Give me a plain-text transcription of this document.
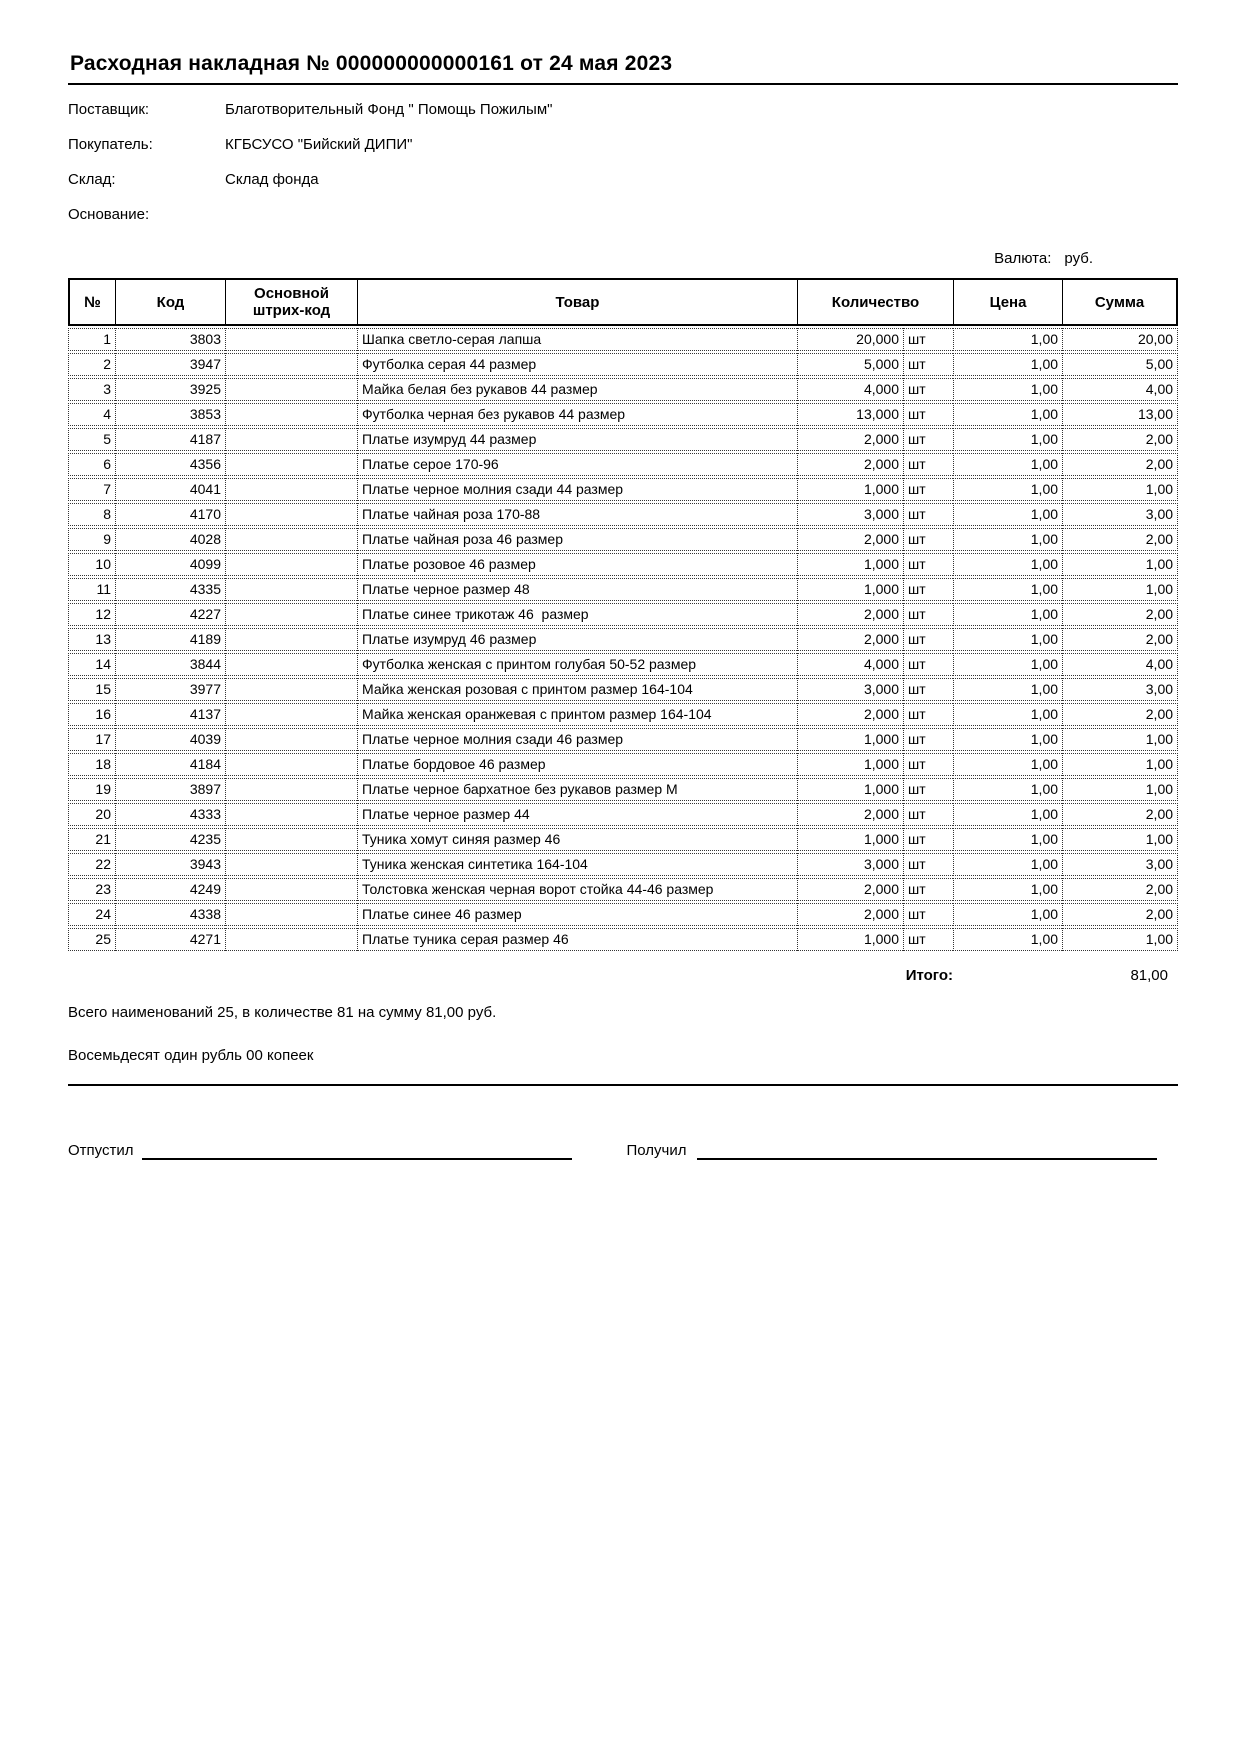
Расходная накладная № 000000000000161 от 24 мая 2023
Поставщик:	Благотворительный Фонд " Помощь Пожилым"
Покупатель:	КГБСУСО "Бийский ДИПИ"
Склад:	Склад фонда
Основание:
Валюта: руб.
№	Код	Основной штрих-код	Товар	Количество		Цена	Сумма
1	3803		Шапка светло-серая лапша	20,000	шт	1,00	20,00
2	3947		Футболка серая 44 размер	5,000	шт	1,00	5,00
3	3925		Майка белая без рукавов 44 размер	4,000	шт	1,00	4,00
4	3853		Футболка черная без рукавов 44 размер	13,000	шт	1,00	13,00
5	4187		Платье изумруд 44 размер	2,000	шт	1,00	2,00
6	4356		Платье серое 170-96	2,000	шт	1,00	2,00
7	4041		Платье черное молния сзади 44 размер	1,000	шт	1,00	1,00
8	4170		Платье чайная роза 170-88	3,000	шт	1,00	3,00
9	4028		Платье чайная роза 46 размер	2,000	шт	1,00	2,00
10	4099		Платье розовое 46 размер	1,000	шт	1,00	1,00
11	4335		Платье черное размер 48	1,000	шт	1,00	1,00
12	4227		Платье синее трикотаж 46  размер	2,000	шт	1,00	2,00
13	4189		Платье изумруд 46 размер	2,000	шт	1,00	2,00
14	3844		Футболка женская с принтом голубая 50-52 размер	4,000	шт	1,00	4,00
15	3977		Майка женская розовая с принтом размер 164-104	3,000	шт	1,00	3,00
16	4137		Майка женская оранжевая с принтом размер 164-104	2,000	шт	1,00	2,00
17	4039		Платье черное молния сзади 46 размер	1,000	шт	1,00	1,00
18	4184		Платье бордовое 46 размер	1,000	шт	1,00	1,00
19	3897		Платье черное бархатное без рукавов размер М	1,000	шт	1,00	1,00
20	4333		Платье черное размер 44	2,000	шт	1,00	2,00
21	4235		Туника хомут синяя размер 46	1,000	шт	1,00	1,00
22	3943		Туника женская синтетика 164-104	3,000	шт	1,00	3,00
23	4249		Толстовка женская черная ворот стойка 44-46 размер	2,000	шт	1,00	2,00
24	4338		Платье синее 46 размер	2,000	шт	1,00	2,00
25	4271		Платье туника серая размер 46	1,000	шт	1,00	1,00
Итого:	81,00
Всего наименований 25, в количестве 81 на сумму 81,00 руб.
Восемьдесят один рубль 00 копеек
Отпустил	Получил
